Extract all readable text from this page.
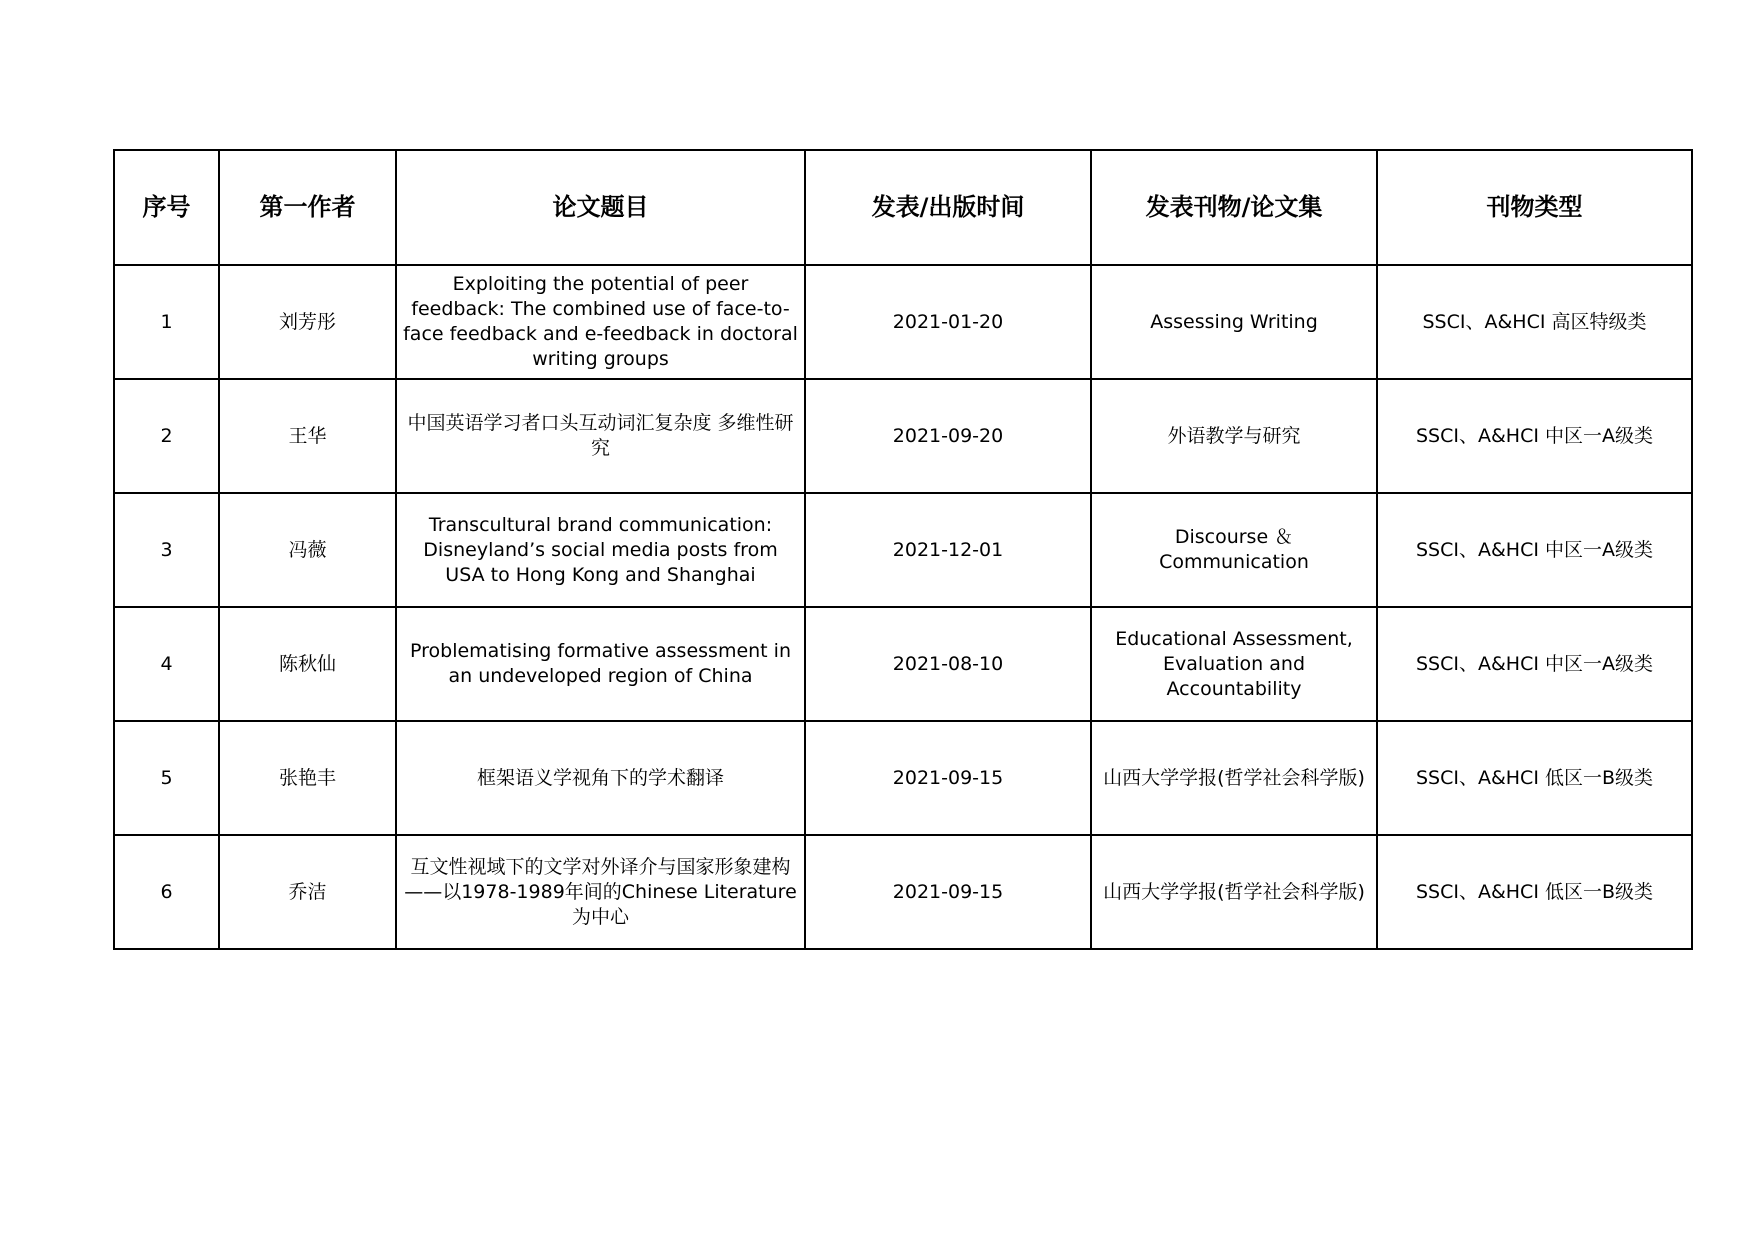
序号	第一作者	论文题目	发表/出版时间	发表刊物/论文集	刊物类型
1	刘芳彤	Exploiting the potential of peer feedback: The combined use of face-to-face feedback and e-feedback in doctoral writing groups	2021-01-20	Assessing Writing	SSCI、A&HCI 高区特级类
2	王华	中国英语学习者口头互动词汇复杂度 多维性研究	2021-09-20	外语教学与研究	SSCI、A&HCI 中区一A级类
3	冯薇	Transcultural brand communication: Disneyland’s social media posts from USA to Hong Kong and Shanghai	2021-12-01	Discourse ＆ Communication	SSCI、A&HCI 中区一A级类
4	陈秋仙	Problematising formative assessment in an undeveloped region of China	2021-08-10	Educational Assessment, Evaluation and Accountability	SSCI、A&HCI 中区一A级类
5	张艳丰	框架语义学视角下的学术翻译	2021-09-15	山西大学学报(哲学社会科学版)	SSCI、A&HCI 低区一B级类
6	乔洁	互文性视域下的文学对外译介与国家形象建构——以1978-1989年间的Chinese Literature 为中心	2021-09-15	山西大学学报(哲学社会科学版)	SSCI、A&HCI 低区一B级类
